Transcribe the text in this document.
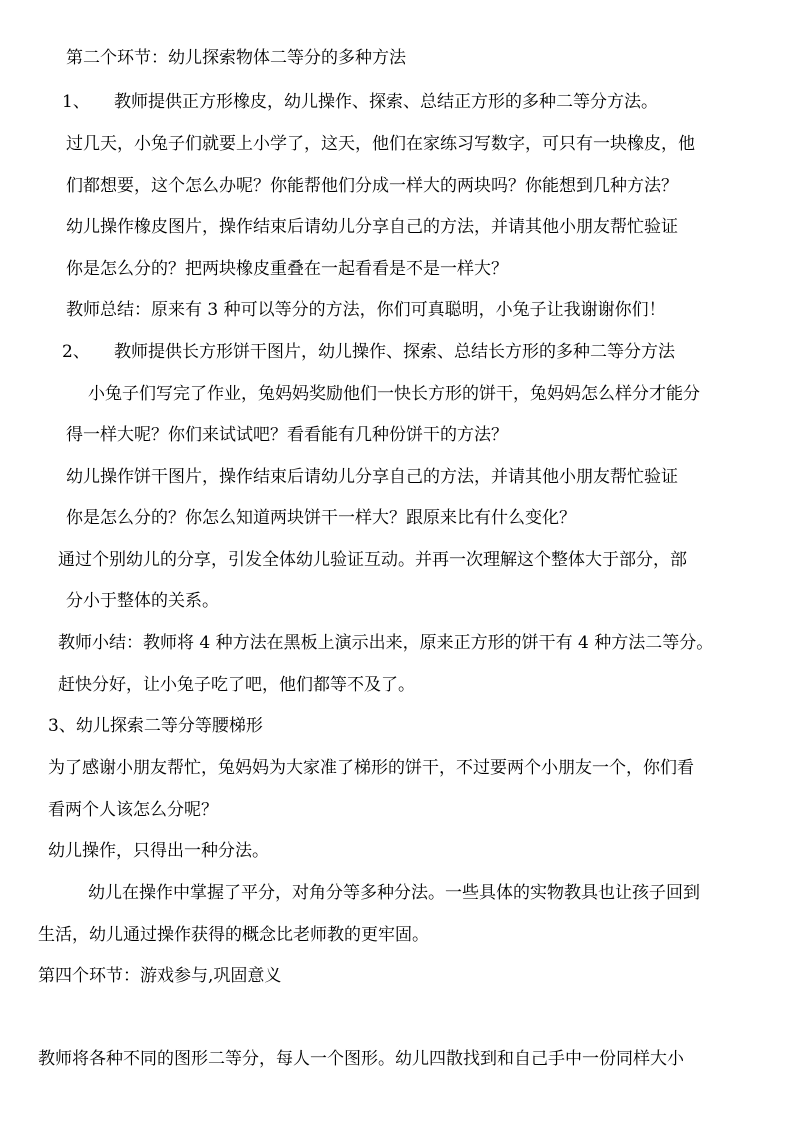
第二个环节：幼儿探索物体二等分的多种方法
1、 教师提供正方形橡皮，幼儿操作、探索、总结正方形的多种二等分方法。
过几天，小兔子们就要上小学了，这天，他们在家练习写数字，可只有一块橡皮，他
们都想要，这个怎么办呢？你能帮他们分成一样大的两块吗？你能想到几种方法？
幼儿操作橡皮图片，操作结束后请幼儿分享自己的方法，并请其他小朋友帮忙验证
你是怎么分的？把两块橡皮重叠在一起看看是不是一样大？
教师总结：原来有 3 种可以等分的方法，你们可真聪明，小兔子让我谢谢你们！
2、 教师提供长方形饼干图片，幼儿操作、探索、总结长方形的多种二等分方法
小兔子们写完了作业，兔妈妈奖励他们一快长方形的饼干，兔妈妈怎么样分才能分
得一样大呢？你们来试试吧？看看能有几种份饼干的方法？
幼儿操作饼干图片，操作结束后请幼儿分享自己的方法，并请其他小朋友帮忙验证
你是怎么分的？你怎么知道两块饼干一样大？跟原来比有什么变化？
通过个别幼儿的分享，引发全体幼儿验证互动。并再一次理解这个整体大于部分，部
分小于整体的关系。
教师小结：教师将 4 种方法在黑板上演示出来，原来正方形的饼干有 4 种方法二等分。
赶快分好，让小兔子吃了吧，他们都等不及了。
3、幼儿探索二等分等腰梯形
为了感谢小朋友帮忙，兔妈妈为大家准了梯形的饼干，不过要两个小朋友一个，你们看
看两个人该怎么分呢？
幼儿操作，只得出一种分法。
幼儿在操作中掌握了平分，对角分等多种分法。一些具体的实物教具也让孩子回到
生活，幼儿通过操作获得的概念比老师教的更牢固。
第四个环节：游戏参与,巩固意义
教师将各种不同的图形二等分，每人一个图形。幼儿四散找到和自己手中一份同样大小
